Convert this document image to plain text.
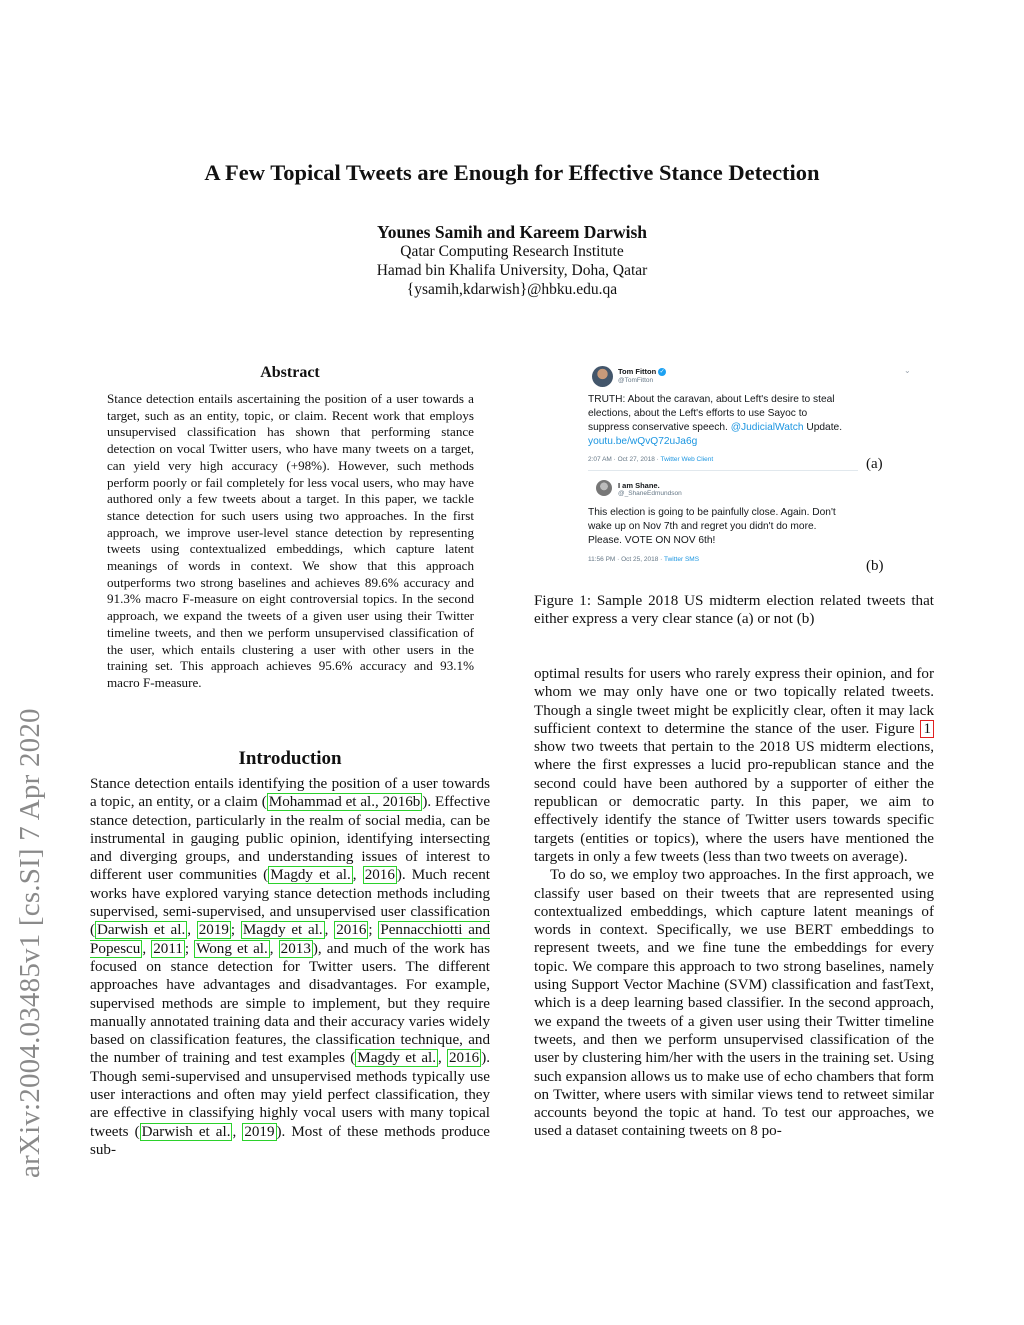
arXiv:2004.03485v1 [cs.SI] 7 Apr 2020
A Few Topical Tweets are Enough for Effective Stance Detection
Younes Samih and Kareem Darwish
Qatar Computing Research Institute
Hamad bin Khalifa University, Doha, Qatar
{ysamih,kdarwish}@hbku.edu.qa
Abstract
Stance detection entails ascertaining the position of a user towards a target, such as an entity, topic, or claim. Recent work that employs unsupervised classification has shown that performing stance detection on vocal Twitter users, who have many tweets on a target, can yield very high accuracy (+98%). However, such methods perform poorly or fail completely for less vocal users, who may have authored only a few tweets about a target. In this paper, we tackle stance detection for such users using two approaches. In the first approach, we improve user-level stance detection by representing tweets using contextualized embeddings, which capture latent meanings of words in context. We show that this approach outperforms two strong baselines and achieves 89.6% accuracy and 91.3% macro F-measure on eight controversial topics. In the second approach, we expand the tweets of a given user using their Twitter timeline tweets, and then we perform unsupervised classification of the user, which entails clustering a user with other users in the training set. This approach achieves 95.6% accuracy and 93.1% macro F-measure.
Introduction

Stance detection entails identifying the position of a user towards a topic, an entity, or a claim ( Mohammad et al., 2016b ). Effective stance detection, particularly in the realm of social media, can be instrumental in gauging public opinion, identifying intersecting and diverging groups, and understanding issues of interest to different user communities ( Magdy et al. , 2016 ). Much recent works have explored varying stance detection methods including supervised, semi-supervised, and unsupervised user classification ( Darwish et al. , 2019 ; Magdy et al. , 2016 ; Pennacchiotti and Popescu , 2011 ; Wong et al. , 2013 ), and much of the work has focused on stance detection for Twitter users. The different approaches have advantages and disadvantages. For example, supervised methods are simple to implement, but they require manually annotated training data and their accuracy varies widely based on classification features, the classification technique, and the number of training and test examples ( Magdy et al. , 2016 ). Though semi-supervised and unsupervised methods typically use user interactions and often may yield perfect classification, they are effective in classifying highly vocal users with many topical tweets ( Darwish et al. , 2019 ). Most of these methods produce sub-

Tom Fitton ✓
@TomFitton
⌄
TRUTH: About the caravan, about Left's desire to steal
elections, about the Left's efforts to use Sayoc to
suppress conservative speech. @JudicialWatch Update.
youtu.be/wQvQ72uJa6g
2:07 AM · Oct 27, 2018 · Twitter Web Client	(a)
I am Shane.
@_ShaneEdmundson
This election is going to be painfully close. Again. Don't
wake up on Nov 7th and regret you didn't do more.
Please. VOTE ON NOV 6th!
11:56 PM · Oct 25, 2018 · Twitter SMS	(b)
Figure 1: Sample 2018 US midterm election related tweets that either express a very clear stance (a) or not (b)

optimal results for users who rarely express their opinion, and for whom we may only have one or two topically related tweets. Though a single tweet might be explicitly clear, often it may lack sufficient context to determine the stance of the user. Figure 1 show two tweets that pertain to the 2018 US midterm elections, where the first expresses a lucid pro-republican stance and the second could have been authored by a supporter of either the republican or democratic party. In this paper, we aim to effectively identify the stance of Twitter users towards specific targets (entities or topics), where the users have mentioned the targets in only a few tweets (less than two tweets on average).

To do so, we employ two approaches. In the first approach, we classify user based on their tweets that are represented using contextualized embeddings, which capture latent meanings of words in context. Specifically, we use BERT embeddings to represent tweets, and we fine tune the embeddings for every topic. We compare this approach to two strong baselines, namely using Support Vector Machine (SVM) classification and fastText, which is a deep learning based classifier. In the second approach, we expand the tweets of a given user using their Twitter timeline tweets, and then we perform unsupervised classification of the user by clustering him/her with the users in the training set. Using such expansion allows us to make use of echo chambers that form on Twitter, where users with similar views tend to retweet similar accounts beyond the topic at hand. To test our approaches, we used a dataset containing tweets on 8 po-
